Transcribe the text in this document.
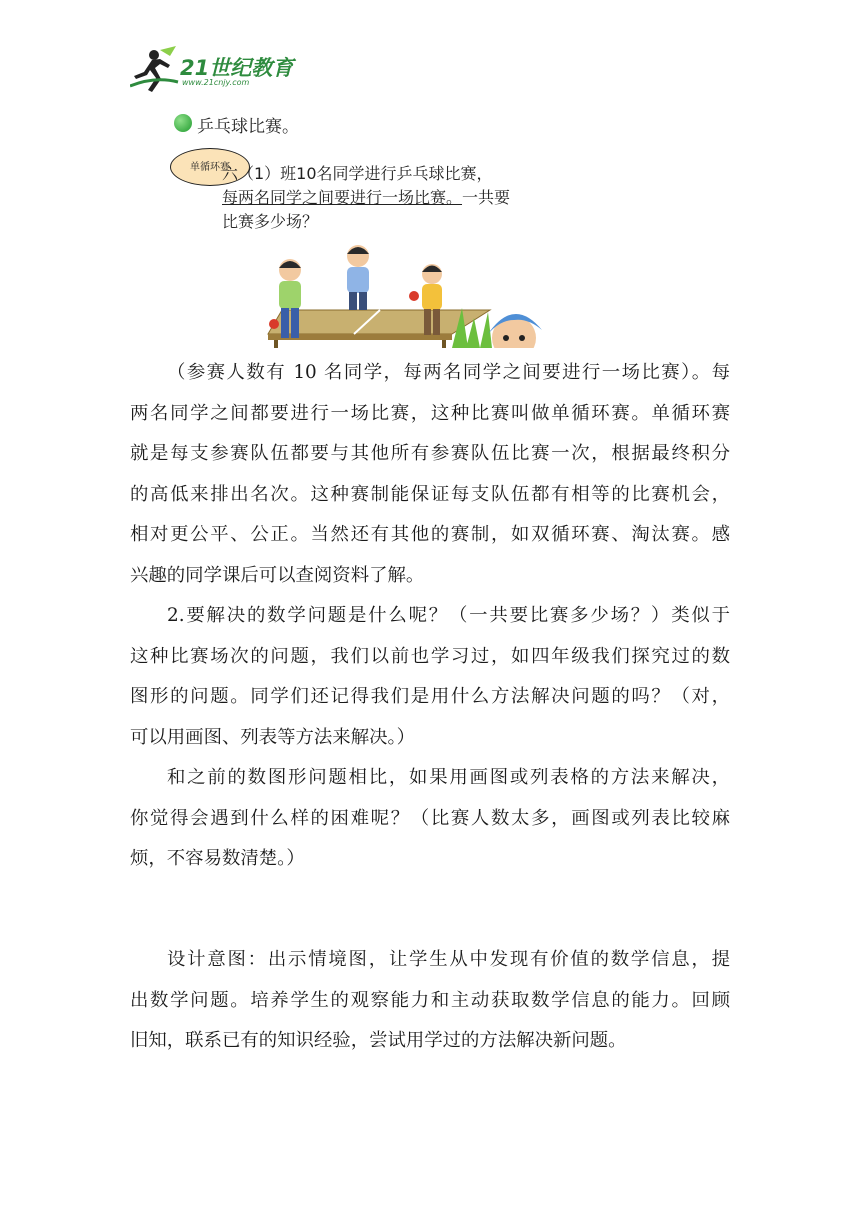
21世纪教育
www.21cnjy.com
乒乓球比赛。
单循环赛
六（1）班10名同学进行乒乓球比赛，
每两名同学之间要进行一场比赛。一共要
比赛多少场？
（参赛人数有 10 名同学，每两名同学之间要进行一场比赛）。每
两名同学之间都要进行一场比赛，这种比赛叫做单循环赛。单循环赛
就是每支参赛队伍都要与其他所有参赛队伍比赛一次，根据最终积分
的高低来排出名次。这种赛制能保证每支队伍都有相等的比赛机会，
相对更公平、公正。当然还有其他的赛制，如双循环赛、淘汰赛。感
兴趣的同学课后可以查阅资料了解。
2.要解决的数学问题是什么呢？（一共要比赛多少场？）类似于
这种比赛场次的问题，我们以前也学习过，如四年级我们探究过的数
图形的问题。同学们还记得我们是用什么方法解决问题的吗？（对，
可以用画图、列表等方法来解决。）
和之前的数图形问题相比，如果用画图或列表格的方法来解决，
你觉得会遇到什么样的困难呢？（比赛人数太多，画图或列表比较麻
烦，不容易数清楚。）
设计意图：出示情境图，让学生从中发现有价值的数学信息，提
出数学问题。培养学生的观察能力和主动获取数学信息的能力。回顾
旧知，联系已有的知识经验，尝试用学过的方法解决新问题。
